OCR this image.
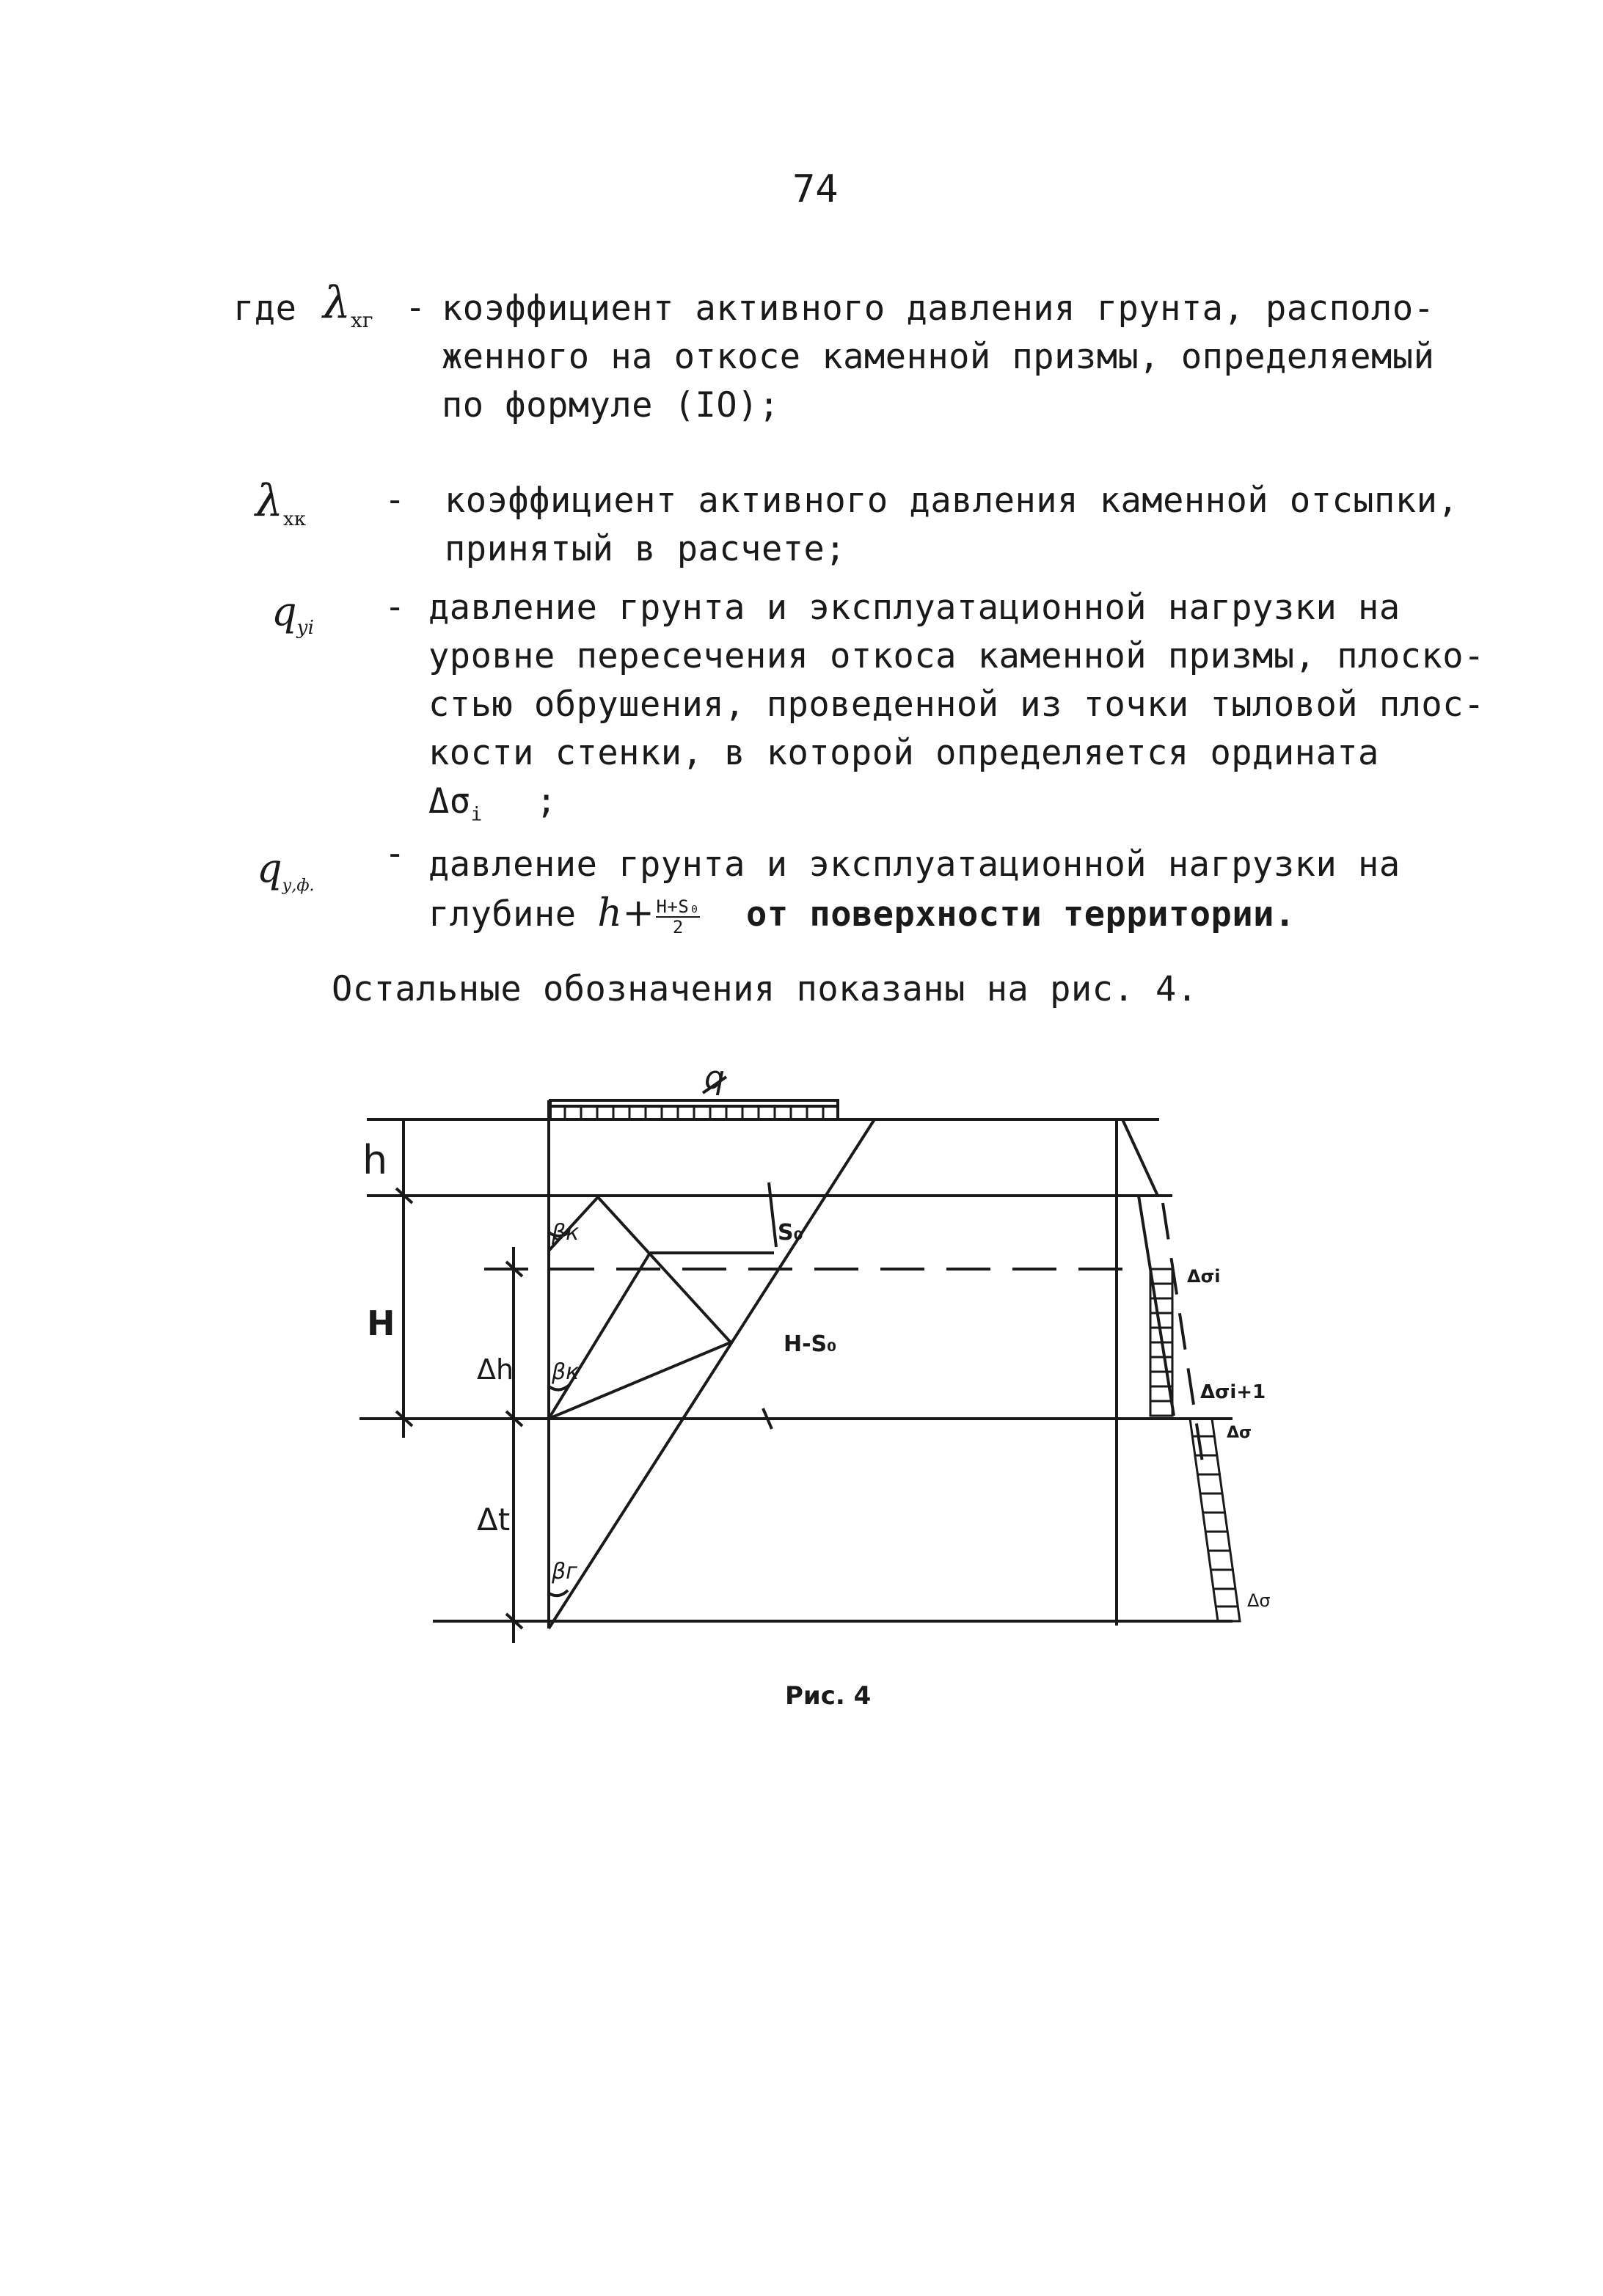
74
где $\lambda_{хг}$ - коэффициент активного давления грунта, располо-
женного на откосе каменной призмы, определяемый
по формуле (IO);
$\lambda_{хк}$ - коэффициент активного давления каменной отсыпки,
принятый в расчете;
$q_{уi}$
- давление грунта и эксплуатационной нагрузки на
уровне пересечения откоса каменной призмы, плоско-
стью обрушения, проведенной из точки тыловой плос-
кости стенки, в которой определяется ордината
$\Delta\sigma_i$ ;
$q_{у,ф.}$
- давление грунта и эксплуатационной нагрузки на
глубине $h+ \frac{\text{H+S₀}}{2}$ от поверхности территории.
Остальные обозначения показаны на рис. 4.
q
h
H
Δh
Δt
βк
βк
βг
S₀
H-S₀
Δσi
Δσi+1
Δσ
Δσ
Рис. 4
